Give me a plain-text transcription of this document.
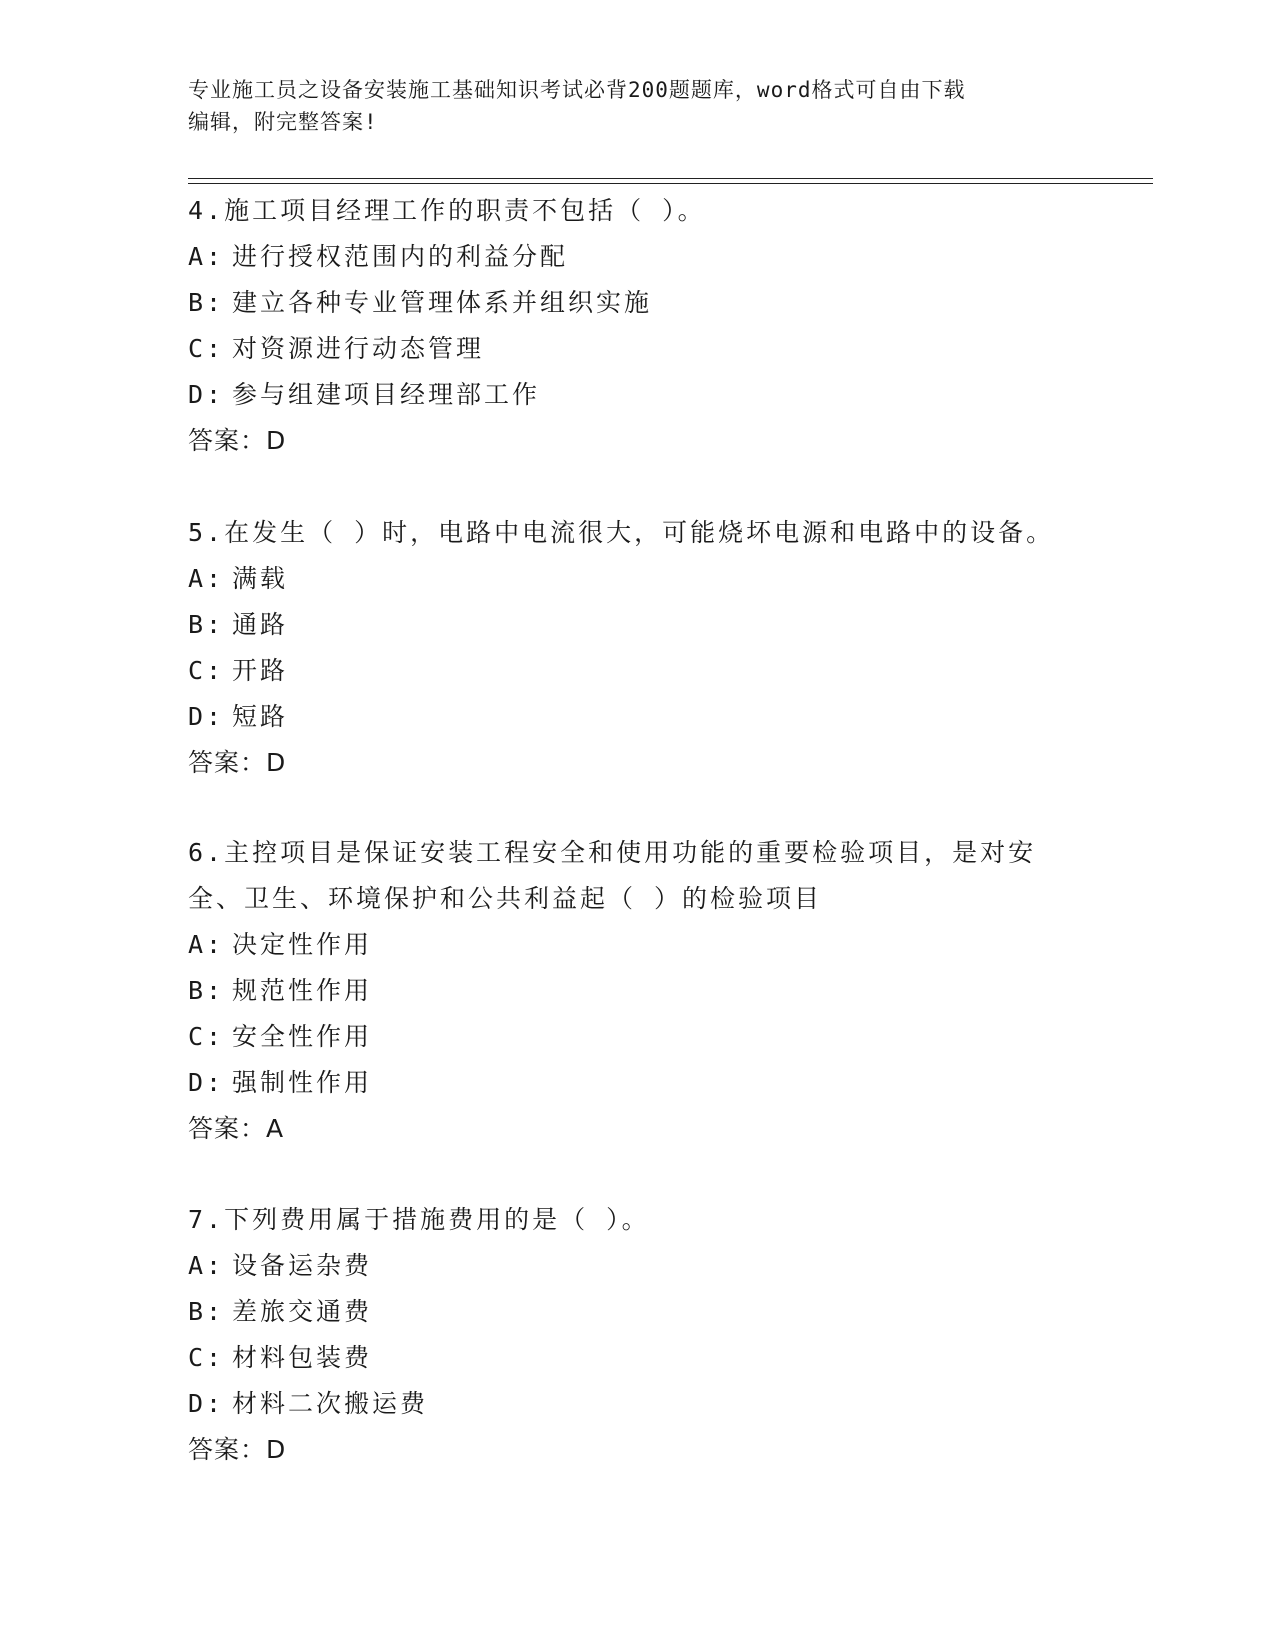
专业施工员之设备安装施工基础知识考试必背200题题库，word格式可自由下载
编辑，附完整答案!

4.施工项目经理工作的职责不包括（ ）。

A: 进行授权范围内的利益分配

B: 建立各种专业管理体系并组织实施

C: 对资源进行动态管理

D: 参与组建项目经理部工作

答案：D

5.在发生（ ）时，电路中电流很大，可能烧坏电源和电路中的设备。

A: 满载

B: 通路

C: 开路

D: 短路

答案：D

6.主控项目是保证安装工程安全和使用功能的重要检验项目，是对安全、卫生、环境保护和公共利益起（ ）的检验项目

A: 决定性作用

B: 规范性作用

C: 安全性作用

D: 强制性作用

答案：A

7.下列费用属于措施费用的是（ ）。

A: 设备运杂费

B: 差旅交通费

C: 材料包装费

D: 材料二次搬运费

答案：D
